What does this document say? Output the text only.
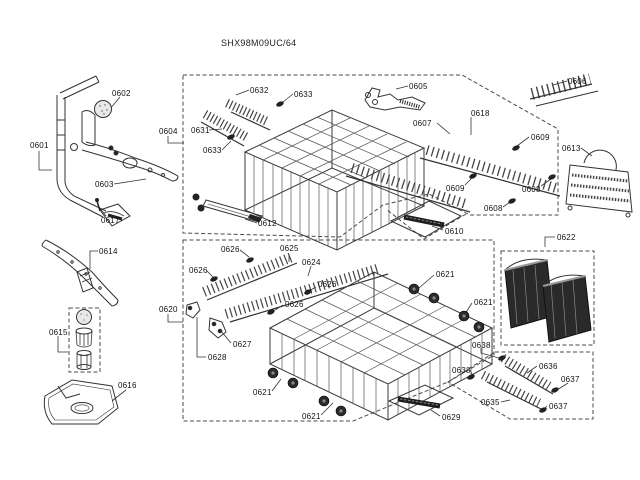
SHX98M09UC/64
0601
0602
0603
0604
0617
0614
0615
0616
0620
0631
0632	0633
0633
0612
0605
0607
0618
0606
0609
0613
0609	0608
0608
0610
0622
0626	0625
0624
0626
0626
0626
0621
0621
0627
0628
0621
0621
0638
0638	0636
0637
0635	0637
0629
